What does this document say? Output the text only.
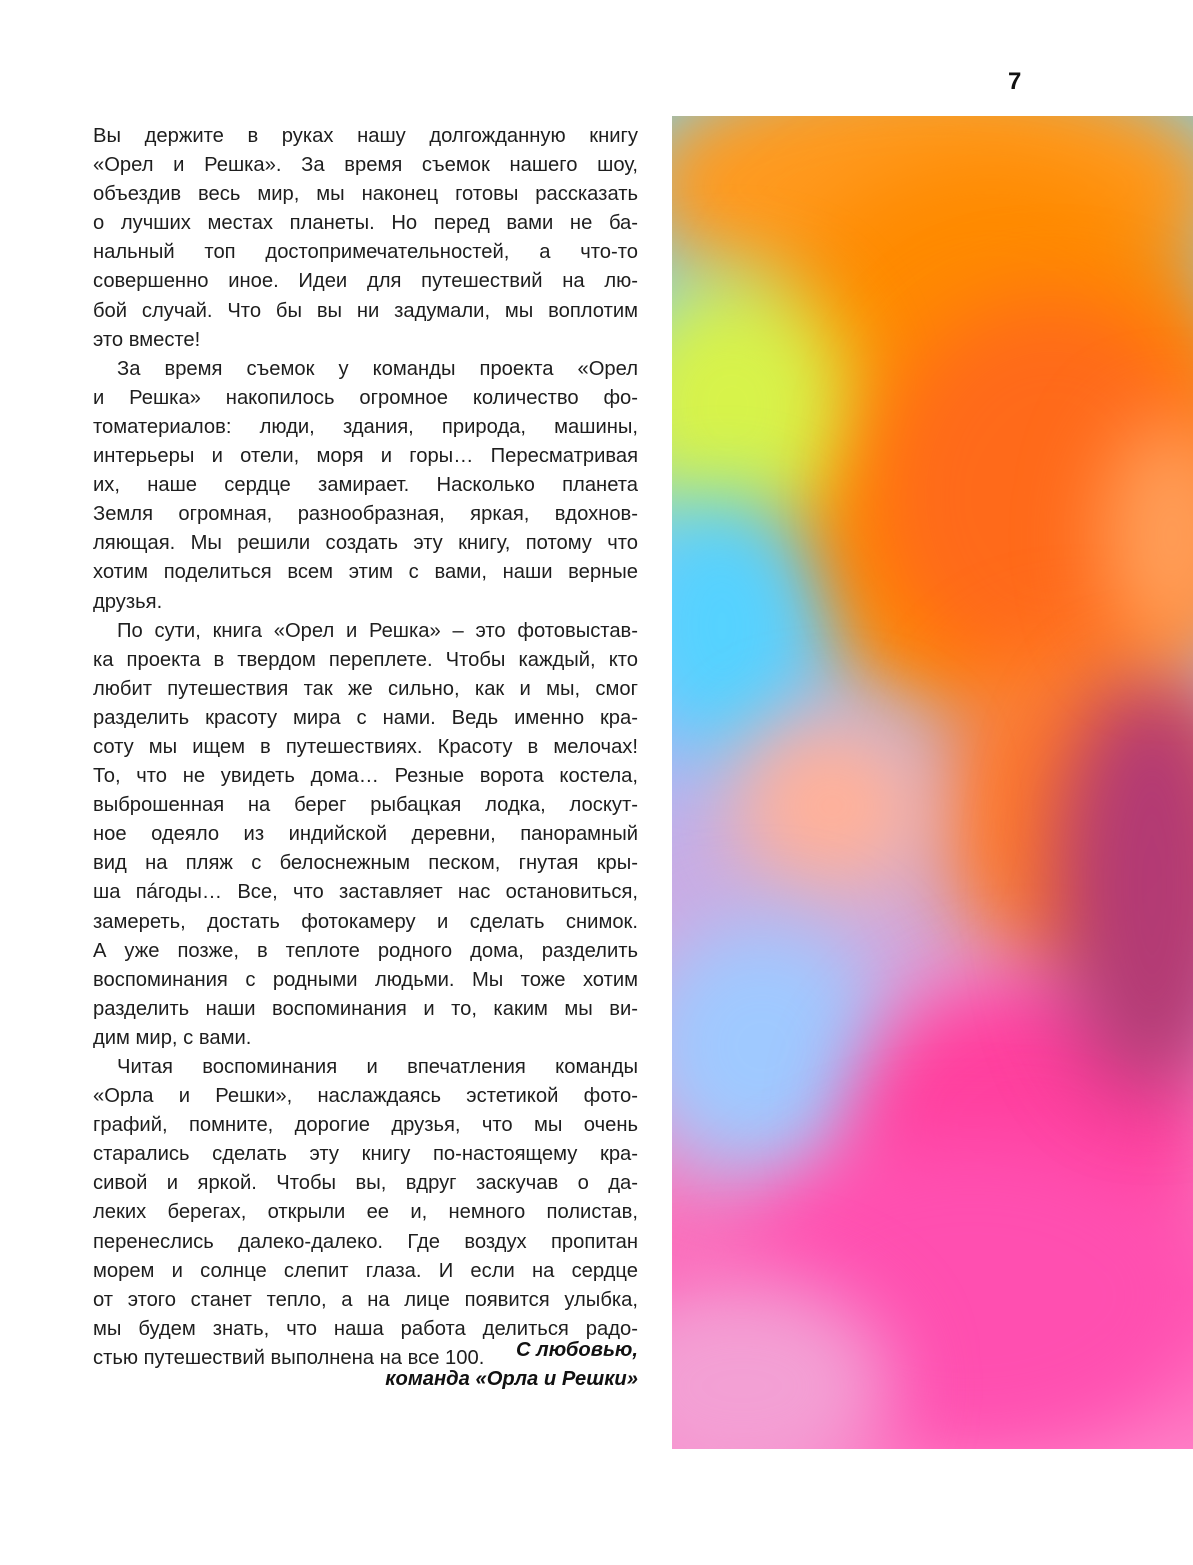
7
Вы держите в руках нашу долгожданную книгу
«Орел и Решка». За время съемок нашего шоу,
объездив весь мир, мы наконец готовы рассказать
о лучших местах планеты. Но перед вами не ба-
нальный топ достопримечательностей, а что-то
совершенно иное. Идеи для путешествий на лю-
бой случай. Что бы вы ни задумали, мы воплотим
это вместе!
За время съемок у команды проекта «Орел
и Решка» накопилось огромное количество фо-
томатериалов: люди, здания, природа, машины,
интерьеры и отели, моря и горы… Пересматривая
их, наше сердце замирает. Насколько планета
Земля огромная, разнообразная, яркая, вдохнов-
ляющая. Мы решили создать эту книгу, потому что
хотим поделиться всем этим с вами, наши верные
друзья.
По сути, книга «Орел и Решка» – это фотовыстав-
ка проекта в твердом переплете. Чтобы каждый, кто
любит путешествия так же сильно, как и мы, смог
разделить красоту мира с нами. Ведь именно кра-
соту мы ищем в путешествиях. Красоту в мелочах!
То, что не увидеть дома… Резные ворота костела,
выброшенная на берег рыбацкая лодка, лоскут-
ное одеяло из индийской деревни, панорамный
вид на пляж с белоснежным песком, гнутая кры-
ша пáгоды… Все, что заставляет нас остановиться,
замереть, достать фотокамеру и сделать снимок.
А уже позже, в теплоте родного дома, разделить
воспоминания с родными людьми. Мы тоже хотим
разделить наши воспоминания и то, каким мы ви-
дим мир, с вами.
Читая воспоминания и впечатления команды
«Орла и Решки», наслаждаясь эстетикой фото-
графий, помните, дорогие друзья, что мы очень
старались сделать эту книгу по-настоящему кра-
сивой и яркой. Чтобы вы, вдруг заскучав о да-
леких берегах, открыли ее и, немного полистав,
перенеслись далеко-далеко. Где воздух пропитан
морем и солнце слепит глаза. И если на сердце
от этого станет тепло, а на лице появится улыбка,
мы будем знать, что наша работа делиться радо-
стью путешествий выполнена на все 100.	С любовью,
команда «Орла и Решки»
